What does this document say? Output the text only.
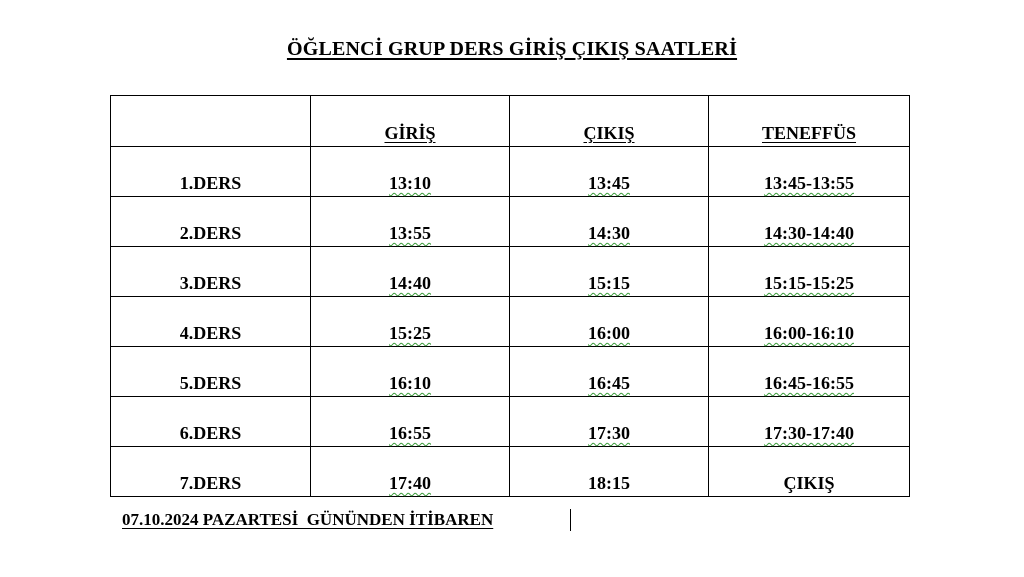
ÖĞLENCİ GRUP DERS GİRİŞ ÇIKIŞ SAATLERİ
	GİRİŞ	ÇIKIŞ	TENEFFÜS
1.DERS	13:10	13:45	13:45-13:55
2.DERS	13:55	14:30	14:30-14:40
3.DERS	14:40	15:15	15:15-15:25
4.DERS	15:25	16:00	16:00-16:10
5.DERS	16:10	16:45	16:45-16:55
6.DERS	16:55	17:30	17:30-17:40
7.DERS	17:40	18:15	ÇIKIŞ
07.10.2024 PAZARTESİ  GÜNÜNDEN İTİBAREN
